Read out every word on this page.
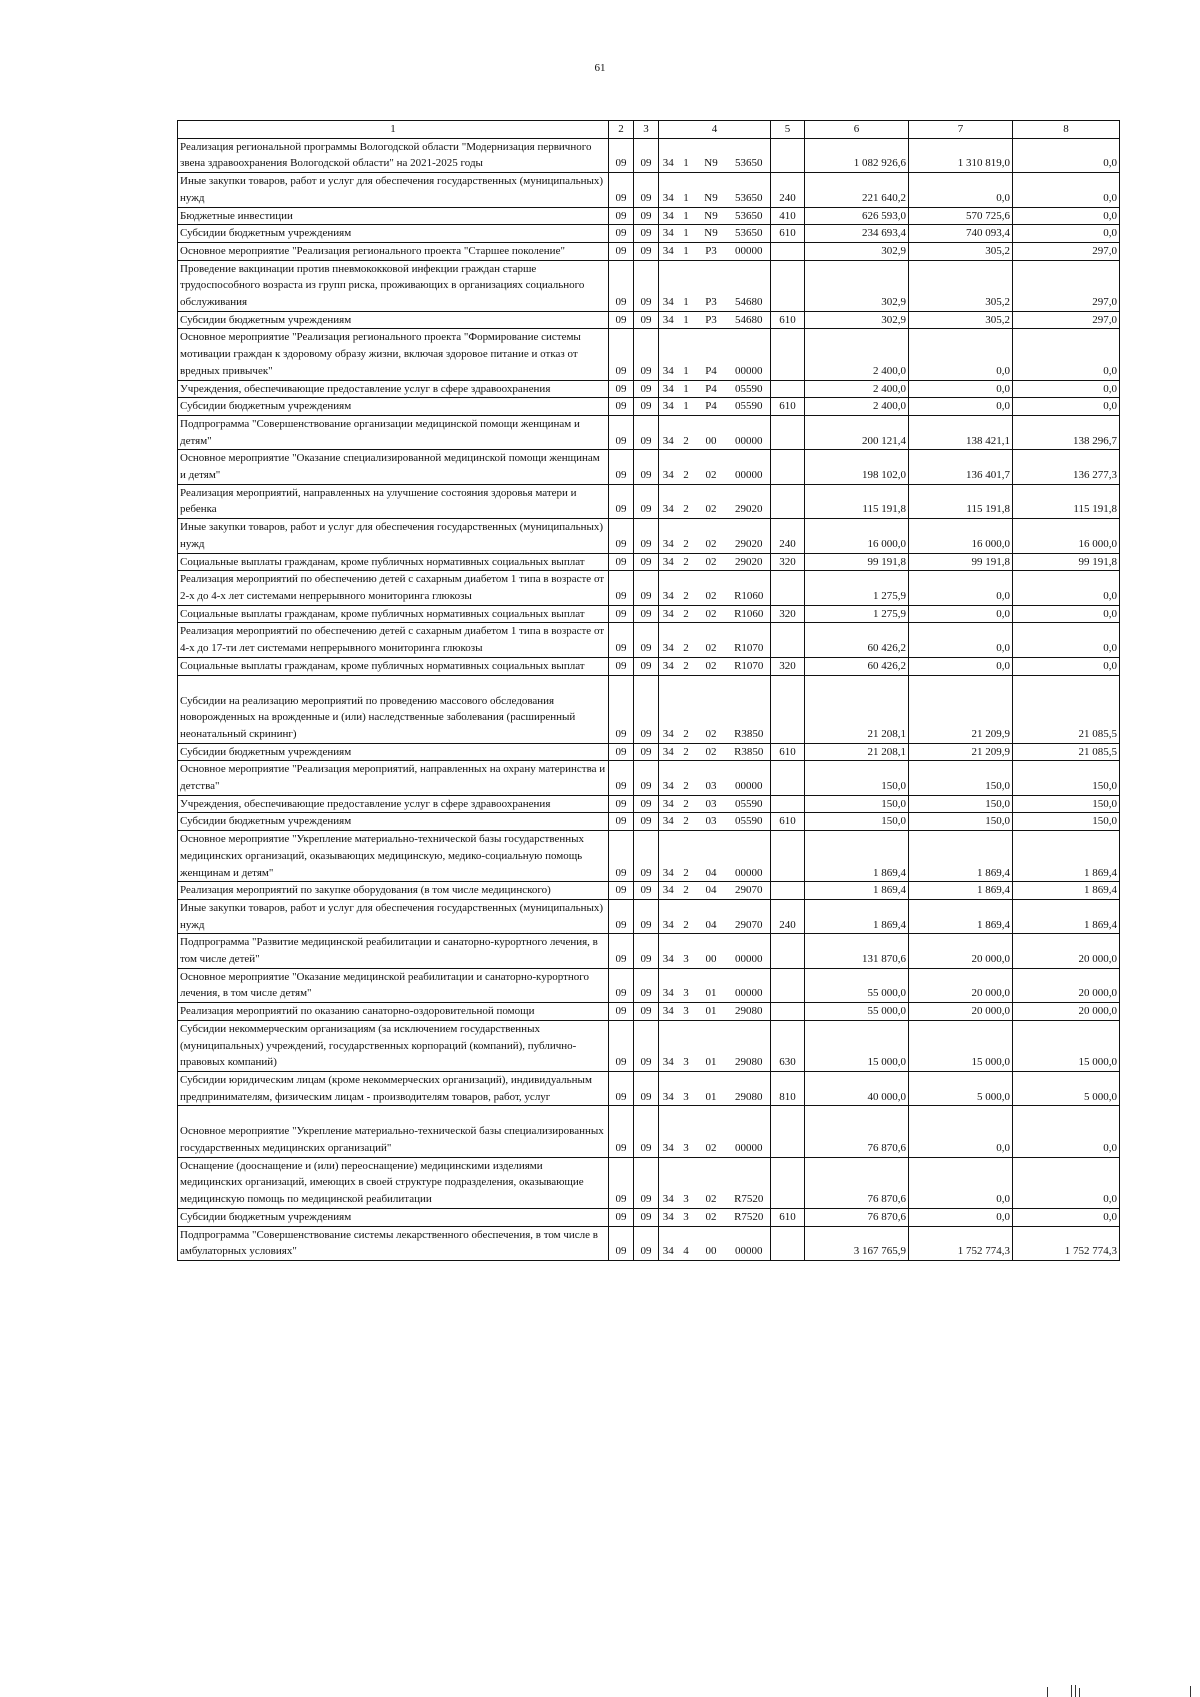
61
1	2	3	4				5	6	7	8
Реализация региональной программы Вологодской области "Модернизация первичного звена здравоохранения Вологодской области" на 2021-2025 годы	09	09	34	1	N9	53650		1 082 926,6	1 310 819,0	0,0
Иные закупки товаров, работ и услуг для обеспечения государственных (муниципальных) нужд	09	09	34	1	N9	53650	240	221 640,2	0,0	0,0
Бюджетные инвестиции	09	09	34	1	N9	53650	410	626 593,0	570 725,6	0,0
Субсидии бюджетным учреждениям	09	09	34	1	N9	53650	610	234 693,4	740 093,4	0,0
Основное мероприятие "Реализация регионального проекта "Старшее поколение"	09	09	34	1	P3	00000		302,9	305,2	297,0
Проведение вакцинации против пневмококковой инфекции граждан старше трудоспособного возраста из групп риска, проживающих в организациях социального обслуживания	09	09	34	1	P3	54680		302,9	305,2	297,0
Субсидии бюджетным учреждениям	09	09	34	1	P3	54680	610	302,9	305,2	297,0
Основное мероприятие "Реализация регионального проекта "Формирование системы мотивации граждан к здоровому образу жизни, включая здоровое питание и отказ от вредных привычек"	09	09	34	1	P4	00000		2 400,0	0,0	0,0
Учреждения, обеспечивающие предоставление услуг в сфере здравоохранения	09	09	34	1	P4	05590		2 400,0	0,0	0,0
Субсидии бюджетным учреждениям	09	09	34	1	P4	05590	610	2 400,0	0,0	0,0
Подпрограмма "Совершенствование организации медицинской помощи женщинам и детям"	09	09	34	2	00	00000		200 121,4	138 421,1	138 296,7
Основное мероприятие "Оказание специализированной медицинской помощи женщинам и детям"	09	09	34	2	02	00000		198 102,0	136 401,7	136 277,3
Реализация мероприятий, направленных на улучшение состояния здоровья матери и ребенка	09	09	34	2	02	29020		115 191,8	115 191,8	115 191,8
Иные закупки товаров, работ и услуг для обеспечения государственных (муниципальных) нужд	09	09	34	2	02	29020	240	16 000,0	16 000,0	16 000,0
Социальные выплаты гражданам, кроме публичных нормативных социальных выплат	09	09	34	2	02	29020	320	99 191,8	99 191,8	99 191,8
Реализация мероприятий по обеспечению детей с сахарным диабетом 1 типа в возрасте от 2-х до 4-х лет системами непрерывного мониторинга глюкозы	09	09	34	2	02	R1060		1 275,9	0,0	0,0
Социальные выплаты гражданам, кроме публичных нормативных социальных выплат	09	09	34	2	02	R1060	320	1 275,9	0,0	0,0
Реализация мероприятий по обеспечению детей с сахарным диабетом 1 типа в возрасте от 4-х до 17-ти лет системами непрерывного мониторинга глюкозы	09	09	34	2	02	R1070		60 426,2	0,0	0,0
Социальные выплаты гражданам, кроме публичных нормативных социальных выплат	09	09	34	2	02	R1070	320	60 426,2	0,0	0,0
Субсидии на реализацию мероприятий по проведению массового обследования новорожденных на врожденные и (или) наследственные заболевания (расширенный неонатальный скрининг)	09	09	34	2	02	R3850		21 208,1	21 209,9	21 085,5
Субсидии бюджетным учреждениям	09	09	34	2	02	R3850	610	21 208,1	21 209,9	21 085,5
Основное мероприятие "Реализация мероприятий, направленных на охрану материнства и детства"	09	09	34	2	03	00000		150,0	150,0	150,0
Учреждения, обеспечивающие предоставление услуг в сфере здравоохранения	09	09	34	2	03	05590		150,0	150,0	150,0
Субсидии бюджетным учреждениям	09	09	34	2	03	05590	610	150,0	150,0	150,0
Основное мероприятие "Укрепление материально-технической базы государственных медицинских организаций, оказывающих медицинскую, медико-социальную помощь женщинам и детям"	09	09	34	2	04	00000		1 869,4	1 869,4	1 869,4
Реализация мероприятий по закупке оборудования (в том числе медицинского)	09	09	34	2	04	29070		1 869,4	1 869,4	1 869,4
Иные закупки товаров, работ и услуг для обеспечения государственных (муниципальных) нужд	09	09	34	2	04	29070	240	1 869,4	1 869,4	1 869,4
Подпрограмма "Развитие медицинской реабилитации и санаторно-курортного лечения, в том числе детей"	09	09	34	3	00	00000		131 870,6	20 000,0	20 000,0
Основное мероприятие "Оказание медицинской реабилитации и санаторно-курортного лечения, в том числе детям"	09	09	34	3	01	00000		55 000,0	20 000,0	20 000,0
Реализация мероприятий по оказанию санаторно-оздоровительной помощи	09	09	34	3	01	29080		55 000,0	20 000,0	20 000,0
Субсидии некоммерческим организациям (за исключением государственных (муниципальных) учреждений, государственных корпораций (компаний), публично-правовых компаний)	09	09	34	3	01	29080	630	15 000,0	15 000,0	15 000,0
Субсидии юридическим лицам (кроме некоммерческих организаций), индивидуальным предпринимателям, физическим лицам - производителям товаров, работ, услуг	09	09	34	3	01	29080	810	40 000,0	5 000,0	5 000,0
Основное мероприятие "Укрепление материально-технической базы специализированных государственных медицинских организаций"	09	09	34	3	02	00000		76 870,6	0,0	0,0
Оснащение (дооснащение и (или) переоснащение) медицинскими изделиями медицинских организаций, имеющих в своей структуре подразделения, оказывающие медицинскую помощь по медицинской реабилитации	09	09	34	3	02	R7520		76 870,6	0,0	0,0
Субсидии бюджетным учреждениям	09	09	34	3	02	R7520	610	76 870,6	0,0	0,0
Подпрограмма "Совершенствование системы лекарственного обеспечения, в том числе в амбулаторных условиях"	09	09	34	4	00	00000		3 167 765,9	1 752 774,3	1 752 774,3
